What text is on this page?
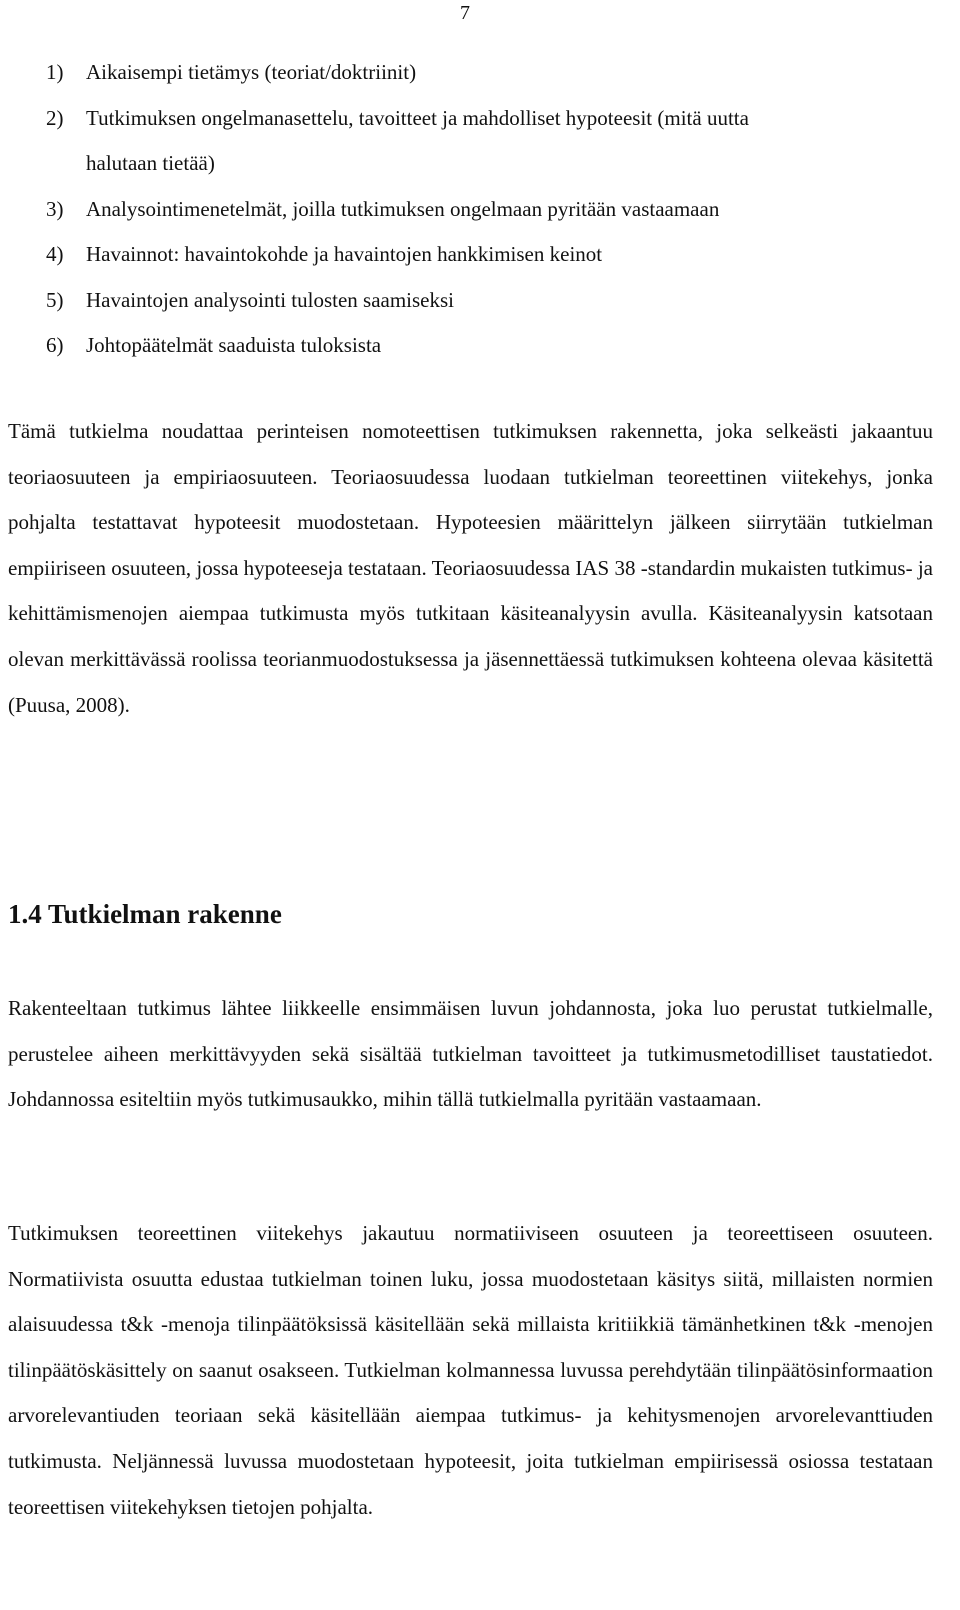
7
1) Aikaisempi tietämys (teoriat/doktriinit)
2) Tutkimuksen ongelmanasettelu, tavoitteet ja mahdolliset hypoteesit (mitä uutta
halutaan tietää)
3) Analysointimenetelmät, joilla tutkimuksen ongelmaan pyritään vastaamaan
4) Havainnot: havaintokohde ja havaintojen hankkimisen keinot
5) Havaintojen analysointi tulosten saamiseksi
6) Johtopäätelmät saaduista tuloksista

Tämä tutkielma noudattaa perinteisen nomoteettisen tutkimuksen rakennetta, joka selkeästi jakaantuu teoriaosuuteen ja empiriaosuuteen. Teoriaosuudessa luodaan tutkielman teoreettinen viitekehys, jonka pohjalta testattavat hypoteesit muodostetaan. Hypoteesien määrittelyn jälkeen siirrytään tutkielman empiiriseen osuuteen, jossa hypoteeseja testataan. Teoriaosuudessa IAS 38 -standardin mukaisten tutkimus- ja kehittämismenojen aiempaa tutkimusta myös tutkitaan käsiteanalyysin avulla. Käsiteanalyysin katsotaan olevan merkittävässä roolissa teorianmuodostuksessa ja jäsennettäessä tutkimuksen kohteena olevaa käsitettä (Puusa, 2008).

1.4 Tutkielman rakenne

Rakenteeltaan tutkimus lähtee liikkeelle ensimmäisen luvun johdannosta, joka luo perustat tutkielmalle, perustelee aiheen merkittävyyden sekä sisältää tutkielman tavoitteet ja tutkimusmetodilliset taustatiedot. Johdannossa esiteltiin myös tutkimusaukko, mihin tällä tutkielmalla pyritään vastaamaan.

Tutkimuksen teoreettinen viitekehys jakautuu normatiiviseen osuuteen ja teoreettiseen osuuteen. Normatiivista osuutta edustaa tutkielman toinen luku, jossa muodostetaan käsitys siitä, millaisten normien alaisuudessa t&k -menoja tilinpäätöksissä käsitellään sekä millaista kritiikkiä tämänhetkinen t&k -menojen tilinpäätöskäsittely on saanut osakseen. Tutkielman kolmannessa luvussa perehdytään tilinpäätösinformaation arvorelevantiuden teoriaan sekä käsitellään aiempaa tutkimus- ja kehitysmenojen arvorelevanttiuden tutkimusta. Neljännessä luvussa muodostetaan hypoteesit, joita tutkielman empiirisessä osiossa testataan teoreettisen viitekehyksen tietojen pohjalta.
